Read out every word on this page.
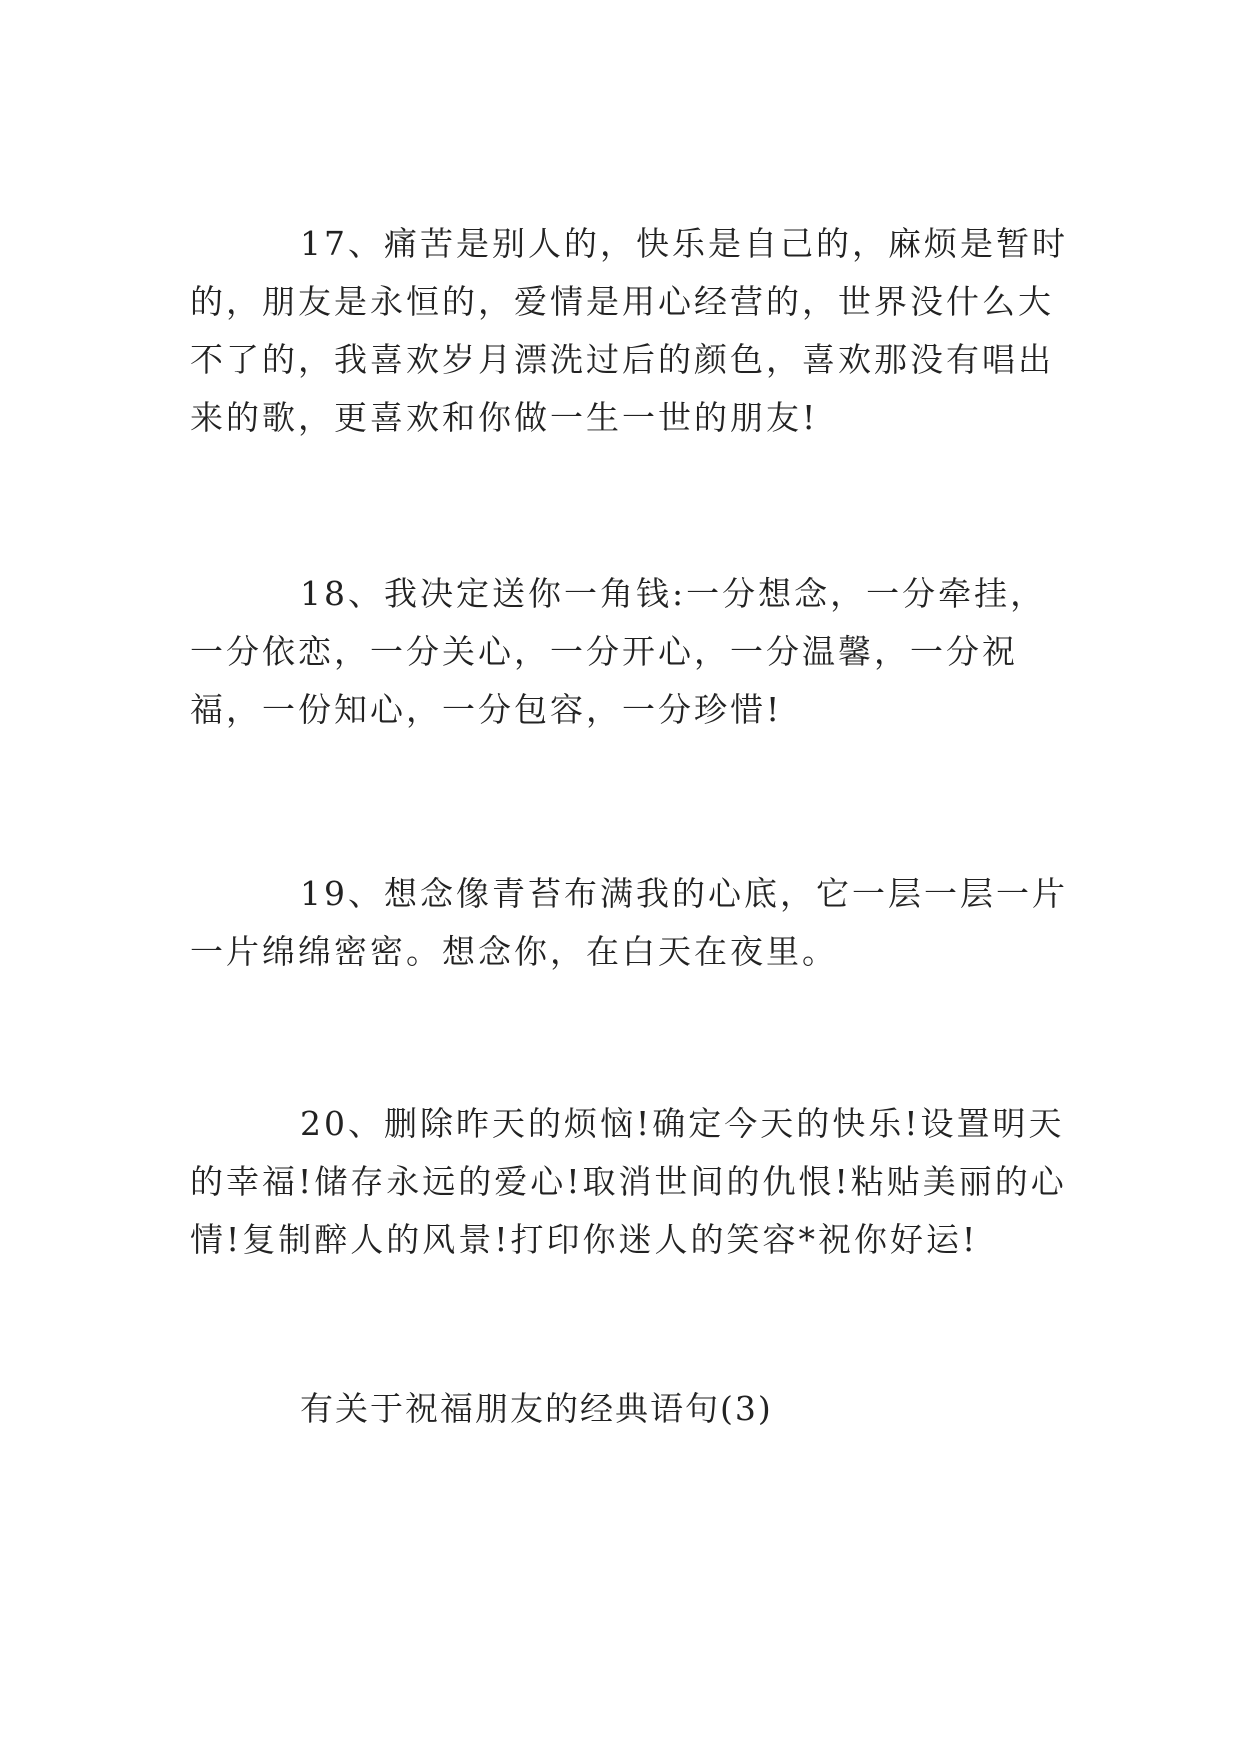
17、痛苦是别人的，快乐是自己的，麻烦是暂时的，朋友是永恒的，爱情是用心经营的，世界没什么大不了的，我喜欢岁月漂洗过后的颜色，喜欢那没有唱出来的歌，更喜欢和你做一生一世的朋友!

18、我决定送你一角钱:一分想念，一分牵挂，一分依恋，一分关心，一分开心，一分温馨，一分祝福，一份知心，一分包容，一分珍惜!

19、想念像青苔布满我的心底，它一层一层一片一片绵绵密密。想念你，在白天在夜里。

20、删除昨天的烦恼!确定今天的快乐!设置明天的幸福!储存永远的爱心!取消世间的仇恨!粘贴美丽的心情!复制醉人的风景!打印你迷人的笑容*祝你好运!

有关于祝福朋友的经典语句(3)
